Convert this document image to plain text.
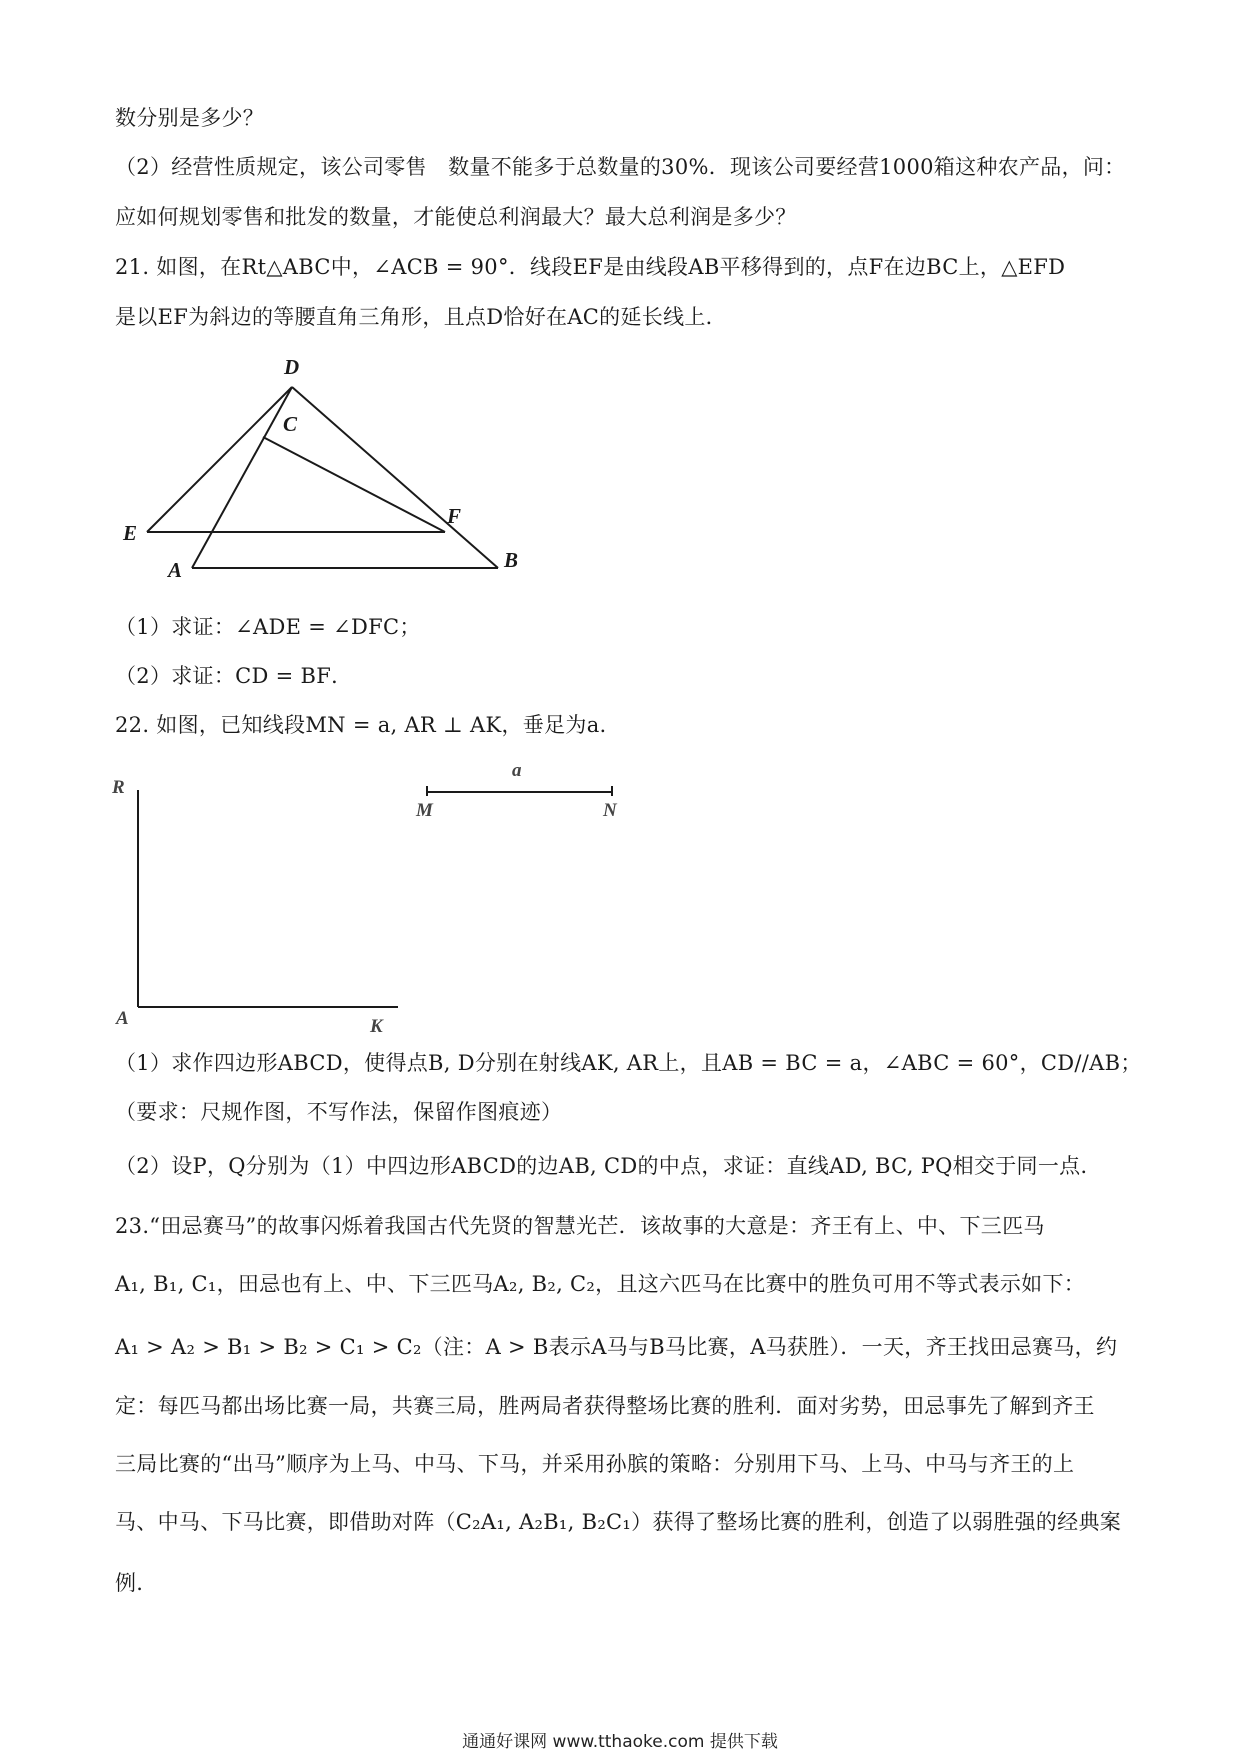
数分别是多少？
（2）经营性质规定，该公司零售　数量不能多于总数量的30%．现该公司要经营1000箱这种农产品，问：
应如何规划零售和批发的数量，才能使总利润最大？最大总利润是多少？
21. 如图，在Rt△ABC中，∠ACB = 90°．线段EF是由线段AB平移得到的，点F在边BC上，△EFD
是以EF为斜边的等腰直角三角形，且点D恰好在AC的延长线上．
D
C
E
F
A	B
（1）求证：∠ADE = ∠DFC；
（2）求证：CD = BF．
22. 如图，已知线段MN = a, AR ⊥ AK，垂足为a.
R
A	K
a
M	N
（1）求作四边形ABCD，使得点B, D分别在射线AK, AR上，且AB = BC = a，∠ABC = 60°，CD//AB；
（要求：尺规作图，不写作法，保留作图痕迹）
（2）设P，Q分别为（1）中四边形ABCD的边AB, CD的中点，求证：直线AD, BC, PQ相交于同一点．
23.“田忌赛马”的故事闪烁着我国古代先贤的智慧光芒．该故事的大意是：齐王有上、中、下三匹马
A₁, B₁, C₁，田忌也有上、中、下三匹马A₂, B₂, C₂，且这六匹马在比赛中的胜负可用不等式表示如下：
A₁ > A₂ > B₁ > B₂ > C₁ > C₂（注：A > B表示A马与B马比赛，A马获胜）．一天，齐王找田忌赛马，约
定：每匹马都出场比赛一局，共赛三局，胜两局者获得整场比赛的胜利．面对劣势，田忌事先了解到齐王
三局比赛的“出马”顺序为上马、中马、下马，并采用孙膑的策略：分别用下马、上马、中马与齐王的上
马、中马、下马比赛，即借助对阵（C₂A₁, A₂B₁, B₂C₁）获得了整场比赛的胜利，创造了以弱胜强的经典案
例.
通通好课网 www.tthaoke.com 提供下载
